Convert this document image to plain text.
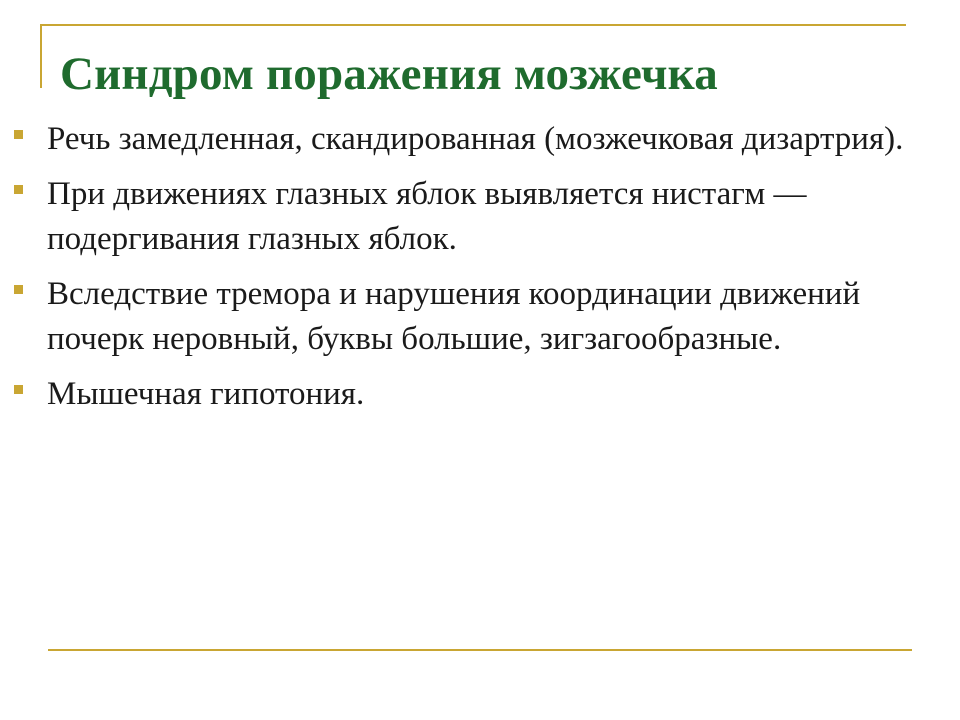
Синдром поражения мозжечка
Речь замедленная, скандированная (мозжечковая дизартрия).
При движениях глазных яблок выявляется нистагм — подергивания глазных яблок.
Вследствие тремора и нарушения координации движений почерк неровный, буквы большие, зигзагообразные.
Мышечная гипотония.
